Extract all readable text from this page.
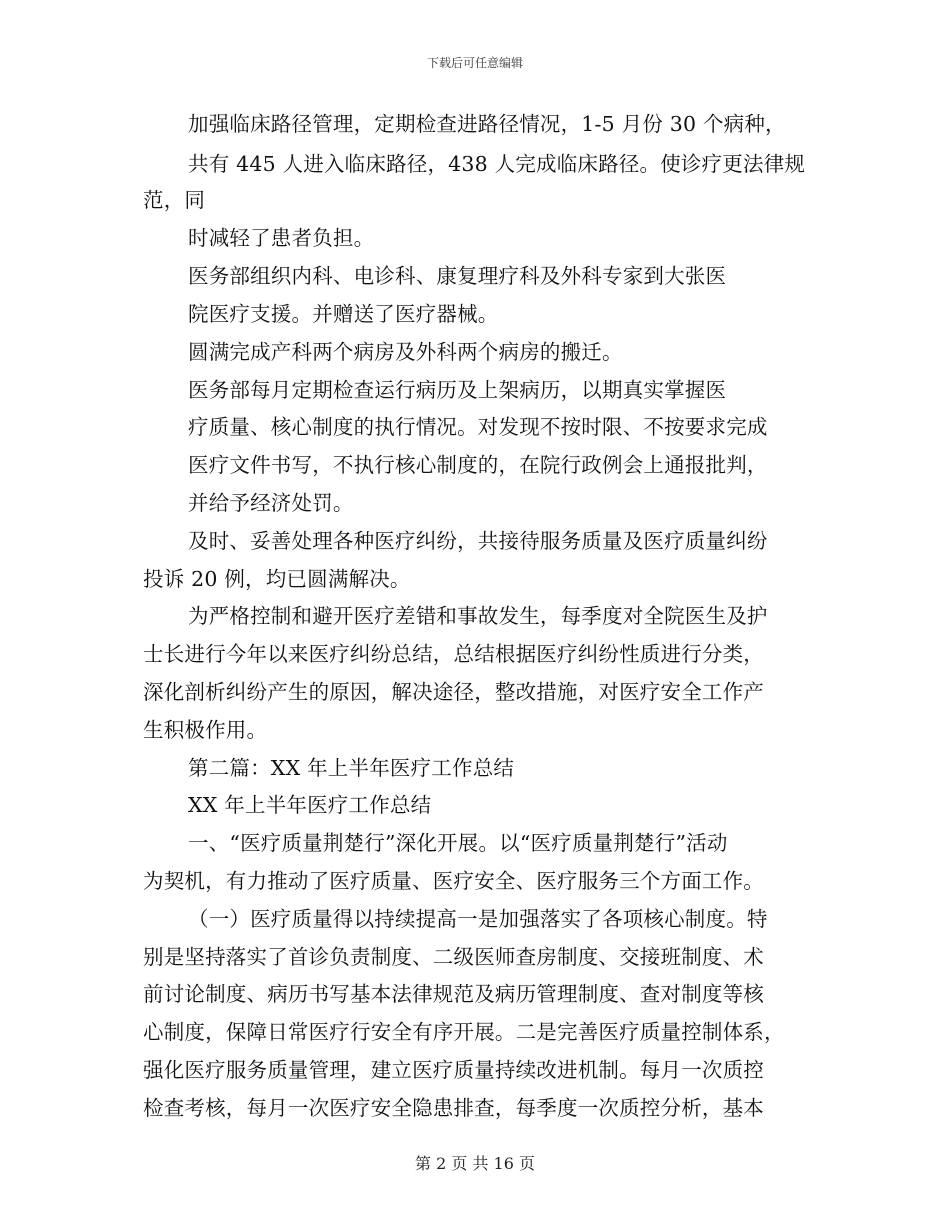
下载后可任意编辑
加强临床路径管理，定期检查进路径情况，1-5 月份 30 个病种，
共有 445 人进入临床路径，438 人完成临床路径。使诊疗更法律规
范，同
时减轻了患者负担。
医务部组织内科、电诊科、康复理疗科及外科专家到大张医
院医疗支援。并赠送了医疗器械。
圆满完成产科两个病房及外科两个病房的搬迁。
医务部每月定期检查运行病历及上架病历，以期真实掌握医
疗质量、核心制度的执行情况。对发现不按时限、不按要求完成
医疗文件书写，不执行核心制度的，在院行政例会上通报批判，
并给予经济处罚。
及时、妥善处理各种医疗纠纷，共接待服务质量及医疗质量纠纷
投诉 20 例，均已圆满解决。
为严格控制和避开医疗差错和事故发生，每季度对全院医生及护
士长进行今年以来医疗纠纷总结，总结根据医疗纠纷性质进行分类，
深化剖析纠纷产生的原因，解决途径，整改措施，对医疗安全工作产
生积极作用。
第二篇：XX 年上半年医疗工作总结
XX 年上半年医疗工作总结
一、“医疗质量荆楚行”深化开展。以“医疗质量荆楚行”活动
为契机，有力推动了医疗质量、医疗安全、医疗服务三个方面工作。
（一）医疗质量得以持续提高一是加强落实了各项核心制度。特
别是坚持落实了首诊负责制度、二级医师查房制度、交接班制度、术
前讨论制度、病历书写基本法律规范及病历管理制度、查对制度等核
心制度，保障日常医疗行安全有序开展。二是完善医疗质量控制体系，
强化医疗服务质量管理，建立医疗质量持续改进机制。每月一次质控
检查考核，每月一次医疗安全隐患排查，每季度一次质控分析，基本
第 2 页 共 16 页
